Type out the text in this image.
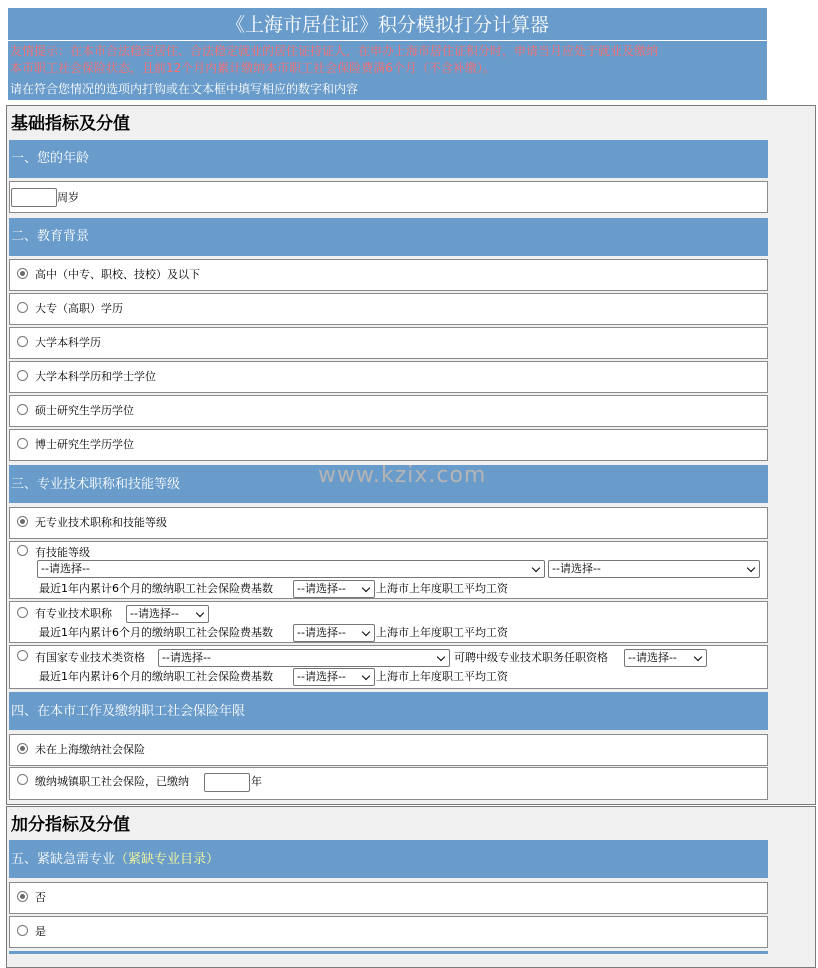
《上海市居住证》积分模拟打分计算器
友情提示：在本市合法稳定居住、合法稳定就业的居住证持证人，在申办上海市居住证积分时，申请当月应处于就业及缴纳
本市职工社会保险状态，且前12个月内累计缴纳本市职工社会保险费满6个月（不含补缴）。
请在符合您情况的选项内打钩或在文本框中填写相应的数字和内容
基础指标及分值
一、您的年龄
周岁
二、教育背景
高中（中专、职校、技校）及以下
大专（高职）学历
大学本科学历
大学本科学历和学士学位
硕士研究生学历学位
博士研究生学历学位
三、专业技术职称和技能等级
无专业技术职称和技能等级
有技能等级
--请选择--	--请选择--
最近1年内累计6个月的缴纳职工社会保险费基数	--请选择--	上海市上年度职工平均工资
有专业技术职称	--请选择--
最近1年内累计6个月的缴纳职工社会保险费基数	--请选择--	上海市上年度职工平均工资
有国家专业技术类资格	--请选择--	可聘中级专业技术职务任职资格	--请选择--
最近1年内累计6个月的缴纳职工社会保险费基数	--请选择--	上海市上年度职工平均工资
四、在本市工作及缴纳职工社会保险年限
未在上海缴纳社会保险
缴纳城镇职工社会保险，已缴纳	年
加分指标及分值
五、紧缺急需专业（紧缺专业目录）
否
是
www.kzix.com
